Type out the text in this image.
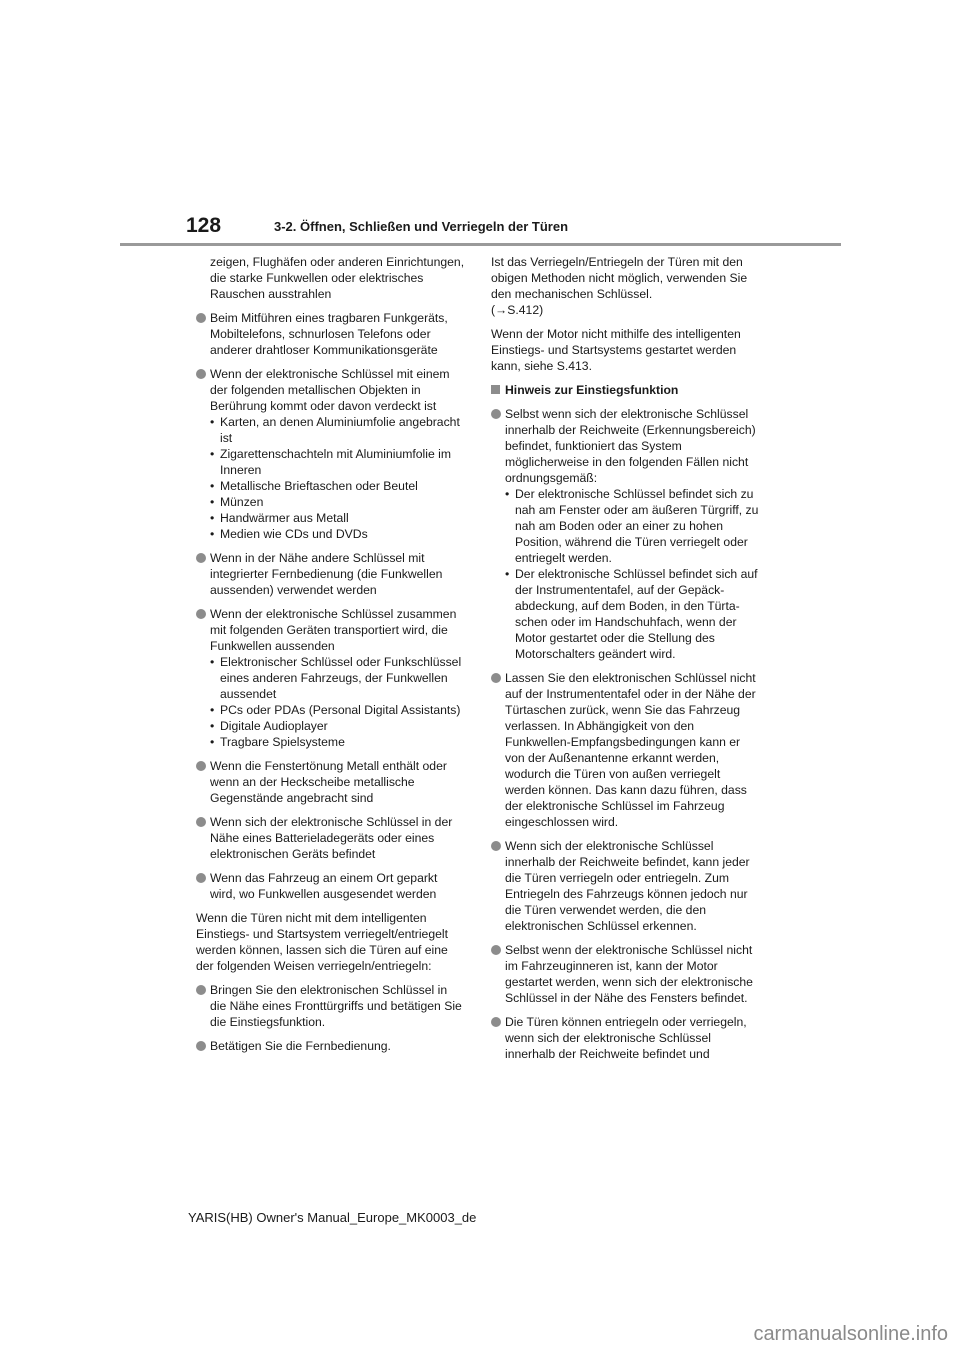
128	3-2. Öffnen, Schließen und Verriegeln der Türen
zeigen, Flughäfen oder anderen Einrichtungen, die starke Funkwellen oder elektrisches Rauschen ausstrahlen
Beim Mitführen eines tragbaren Funkgeräts, Mobiltelefons, schnurlosen Telefons oder anderer drahtloser Kommunikationsgeräte
Wenn der elektronische Schlüssel mit einem der folgenden metallischen Objekten in Berührung kommt oder davon verdeckt ist
• Karten, an denen Aluminiumfolie angebracht ist
• Zigarettenschachteln mit Aluminiumfolie im Inneren
• Metallische Brieftaschen oder Beutel
• Münzen
• Handwärmer aus Metall
• Medien wie CDs und DVDs
Wenn in der Nähe andere Schlüssel mit integrierter Fernbedienung (die Funkwellen aussenden) verwendet werden
Wenn der elektronische Schlüssel zusammen mit folgenden Geräten transportiert wird, die Funkwellen aussenden
• Elektronischer Schlüssel oder Funkschlüssel eines anderen Fahrzeugs, der Funkwellen aussendet
• PCs oder PDAs (Personal Digital Assistants)
• Digitale Audioplayer
• Tragbare Spielsysteme
Wenn die Fenstertönung Metall enthält oder wenn an der Heckscheibe metallische Gegenstände angebracht sind
Wenn sich der elektronische Schlüssel in der Nähe eines Batterieladegeräts oder eines elektronischen Geräts befindet
Wenn das Fahrzeug an einem Ort geparkt wird, wo Funkwellen ausgesendet werden
Wenn die Türen nicht mit dem intelligenten Einstiegs- und Startsystem verriegelt/entriegelt werden können, lassen sich die Türen auf eine der folgenden Weisen verriegeln/entriegeln:
Bringen Sie den elektronischen Schlüssel in die Nähe eines Fronttürgriffs und betätigen Sie die Einstiegsfunktion.
Betätigen Sie die Fernbedienung.
Ist das Verriegeln/Entriegeln der Türen mit den obigen Methoden nicht möglich, verwenden Sie den mechanischen Schlüssel.
(→S.412)
Wenn der Motor nicht mithilfe des intelligenten Einstiegs- und Startsystems gestartet werden kann, siehe S.413.
Hinweis zur Einstiegsfunktion
Selbst wenn sich der elektronische Schlüssel innerhalb der Reichweite (Erkennungsbereich) befindet, funktioniert das System möglicherweise in den folgenden Fällen nicht ordnungsgemäß:
• Der elektronische Schlüssel befindet sich zu nah am Fenster oder am äußeren Türgriff, zu nah am Boden oder an einer zu hohen Position, während die Türen verriegelt oder entriegelt werden.
• Der elektronische Schlüssel befindet sich auf der Instrumententafel, auf der Gepäckabdeckung, auf dem Boden, in den Türtaschen oder im Handschuhfach, wenn der Motor gestartet oder die Stellung des Motorschalters geändert wird.
Lassen Sie den elektronischen Schlüssel nicht auf der Instrumententafel oder in der Nähe der Türtaschen zurück, wenn Sie das Fahrzeug verlassen. In Abhängigkeit von den Funkwellen-Empfangsbedingungen kann er von der Außenantenne erkannt werden, wodurch die Türen von außen verriegelt werden können. Das kann dazu führen, dass der elektronische Schlüssel im Fahrzeug eingeschlossen wird.
Wenn sich der elektronische Schlüssel innerhalb der Reichweite befindet, kann jeder die Türen verriegeln oder entriegeln. Zum Entriegeln des Fahrzeugs können jedoch nur die Türen verwendet werden, die den elektronischen Schlüssel erkennen.
Selbst wenn der elektronische Schlüssel nicht im Fahrzeuginneren ist, kann der Motor gestartet werden, wenn sich der elektronische Schlüssel in der Nähe des Fensters befindet.
Die Türen können entriegeln oder verriegeln, wenn sich der elektronische Schlüssel innerhalb der Reichweite befindet und
YARIS(HB) Owner's Manual_Europe_MK0003_de
carmanualsonline.info
